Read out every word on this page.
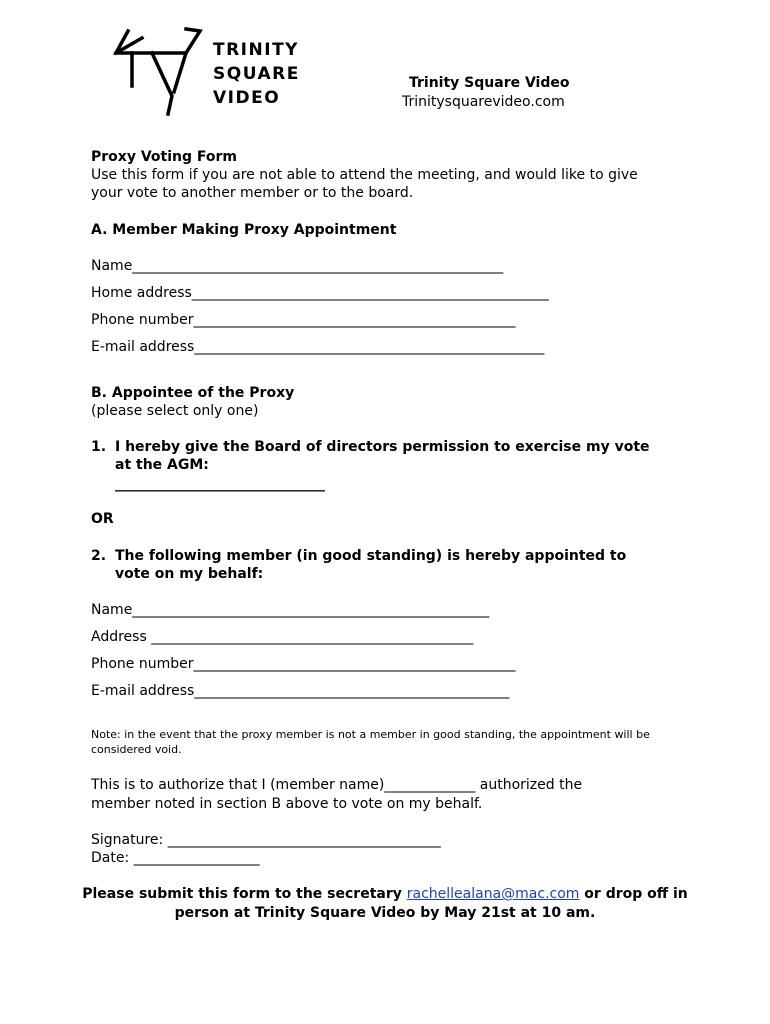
TRINITY
SQUARE
VIDEO
Trinity Square Video
Trinitysquarevideo.com
Proxy Voting Form
Use this form if you are not able to attend the meeting, and would like to give
your vote to another member or to the board.
A. Member Making Proxy Appointment
Name_____________________________________________________
Home address___________________________________________________
Phone number______________________________________________
E-mail address__________________________________________________
B. Appointee of the Proxy
(please select only one)
1. I hereby give the Board of directors permission to exercise my vote
at the AGM:
______________________________
OR
2. The following member (in good standing) is hereby appointed to
vote on my behalf:
Name___________________________________________________
Address ______________________________________________
Phone number______________________________________________
E-mail address_____________________________________________
Note: in the event that the proxy member is not a member in good standing, the appointment will be considered void.
This is to authorize that I (member name)_____________ authorized the
member noted in section B above to vote on my behalf.
Signature: _______________________________________
Date: __________________
Please submit this form to the secretary rachellealana@mac.com or drop off in person at Trinity Square Video by May 21st at 10 am.
